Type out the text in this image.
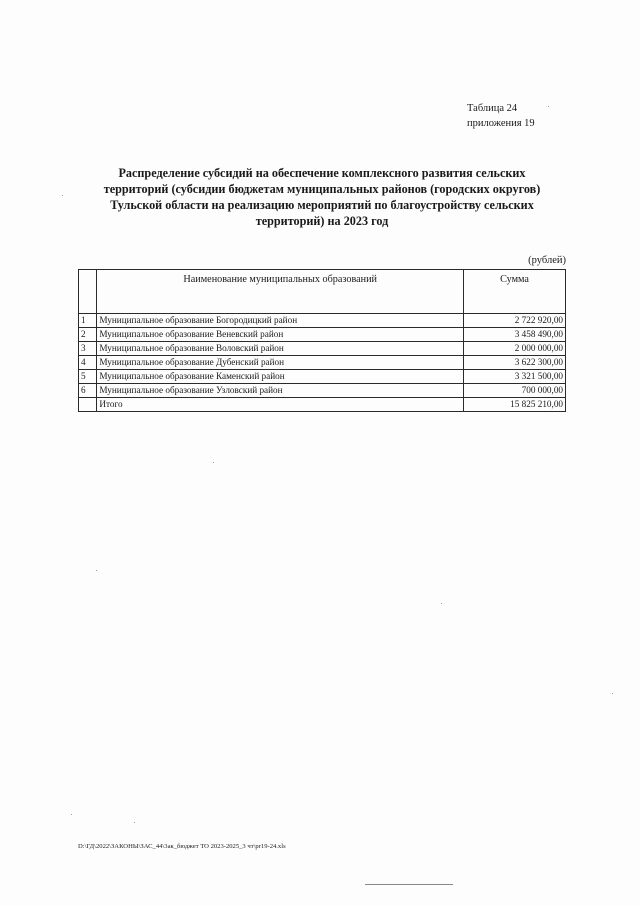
Таблица 24
приложения 19
Распределение субсидий на обеспечение комплексного развития сельских
территорий (субсидии бюджетам муниципальных районов (городских округов)
Тульской области на реализацию мероприятий по благоустройству сельских
территорий) на 2023 год
(рублей)
	Наименование муниципальных образований	Сумма
1	Муниципальное образование Богородицкий район	2 722 920,00
2	Муниципальное образование Веневский район	3 458 490,00
3	Муниципальное образование Воловский район	2 000 000,00
4	Муниципальное образование Дубенский район	3 622 300,00
5	Муниципальное образование Каменский район	3 321 500,00
6	Муниципальное образование Узловский район	700 000,00
	Итого	15 825 210,00
D:\ГД\2022\ЗАКОНЫ\ЗАС_44\3ак_бюджет ТО 2023-2025_3 чт\pr19-24.xls
